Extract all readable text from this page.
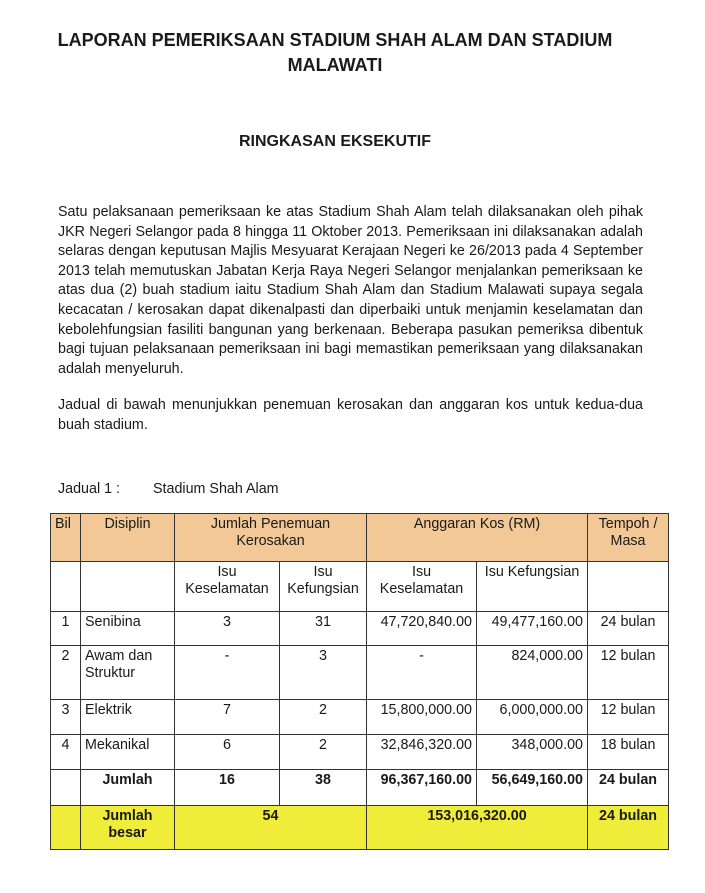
LAPORAN PEMERIKSAAN STADIUM SHAH ALAM DAN STADIUM MALAWATI
RINGKASAN EKSEKUTIF

Satu pelaksanaan pemeriksaan ke atas Stadium Shah Alam telah dilaksanakan oleh pihak JKR Negeri Selangor pada 8 hingga 11 Oktober 2013. Pemeriksaan ini dilaksanakan adalah selaras dengan keputusan Majlis Mesyuarat Kerajaan Negeri ke 26/2013 pada 4 September 2013 telah memutuskan Jabatan Kerja Raya Negeri Selangor menjalankan pemeriksaan ke atas dua (2) buah stadium iaitu Stadium Shah Alam dan Stadium Malawati supaya segala kecacatan / kerosakan dapat dikenalpasti dan diperbaiki untuk menjamin keselamatan dan kebolehfungsian fasiliti bangunan yang berkenaan. Beberapa pasukan pemeriksa dibentuk bagi tujuan pelaksanaan pemeriksaan ini bagi memastikan pemeriksaan yang dilaksanakan adalah menyeluruh.

Jadual di bawah menunjukkan penemuan kerosakan dan anggaran kos untuk kedua-dua buah stadium.

Jadual 1 : Stadium Shah Alam
Bil	Disiplin	Jumlah Penemuan Kerosakan		Anggaran Kos (RM)		Tempoh / Masa
		Isu Keselamatan	Isu Kefungsian	Isu Keselamatan	Isu Kefungsian	
1	Senibina	3	31	47,720,840.00	49,477,160.00	24 bulan
2	Awam dan Struktur	-	3	-	824,000.00	12 bulan
3	Elektrik	7	2	15,800,000.00	6,000,000.00	12 bulan
4	Mekanikal	6	2	32,846,320.00	348,000.00	18 bulan
	Jumlah	16	38	96,367,160.00	56,649,160.00	24 bulan
	Jumlah besar	54		153,016,320.00		24 bulan
